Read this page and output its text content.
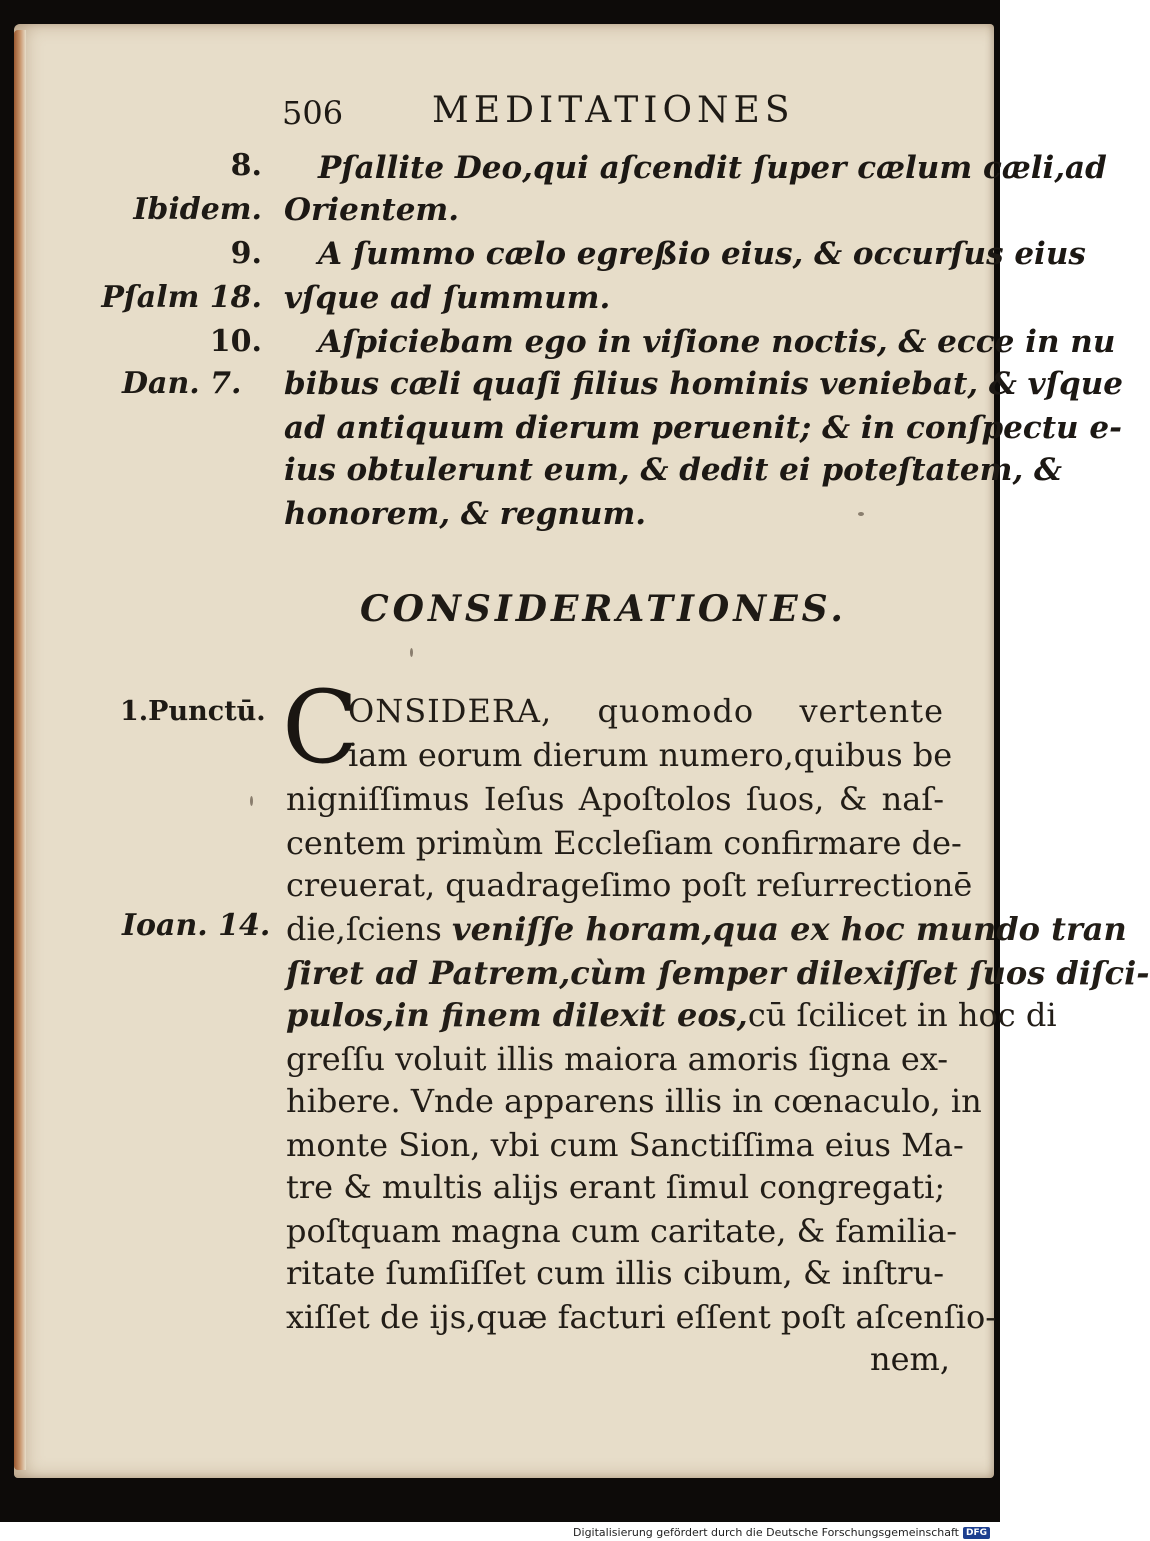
506 MEDITATIONES
8.
Ibidem.
9.
Pſalm 18.
10.
Dan. 7.
Pſallite Deo,qui aſcendit ſuper cælum cæli,ad
Orientem.
A ſummo cælo egreßio eius, & occurſus eius
vſque ad ſummum.
Aſpiciebam ego in viſione noctis, & ecce in nu
bibus cæli quaſi filius hominis veniebat, & vſque
ad antiquum dierum peruenit; & in conſpectu e-
ius obtulerunt eum, & dedit ei poteſtatem, &
honorem, & regnum.
CONSIDERATIONES.
1.Punctū.
Ioan. 14.
C
ONSIDERA, quomodo vertente
iam eorum dierum numero,quibus be
nigniſſimus Ieſus Apoſtolos ſuos, & naſ-
centem primùm Eccleſiam confirmare de-
creuerat, quadrageſimo poſt reſurrectionē
die,ſciens veniſſe horam,qua ex hoc mundo tran
ſiret ad Patrem,cùm ſemper dilexiſſet ſuos diſci-
pulos,in finem dilexit eos,cū ſcilicet in hoc di
greſſu voluit illis maiora amoris ſigna ex-
hibere. Vnde apparens illis in cœnaculo, in
monte Sion, vbi cum Sanctiſſima eius Ma-
tre & multis alijs erant ſimul congregati;
poſtquam magna cum caritate, & familia-
ritate ſumſiſſet cum illis cibum, & inſtru-
xiſſet de ijs,quæ facturi eſſent poſt aſcenſio-
nem,
Digitalisierung gefördert durch die Deutsche Forschungsgemeinschaft DFG
